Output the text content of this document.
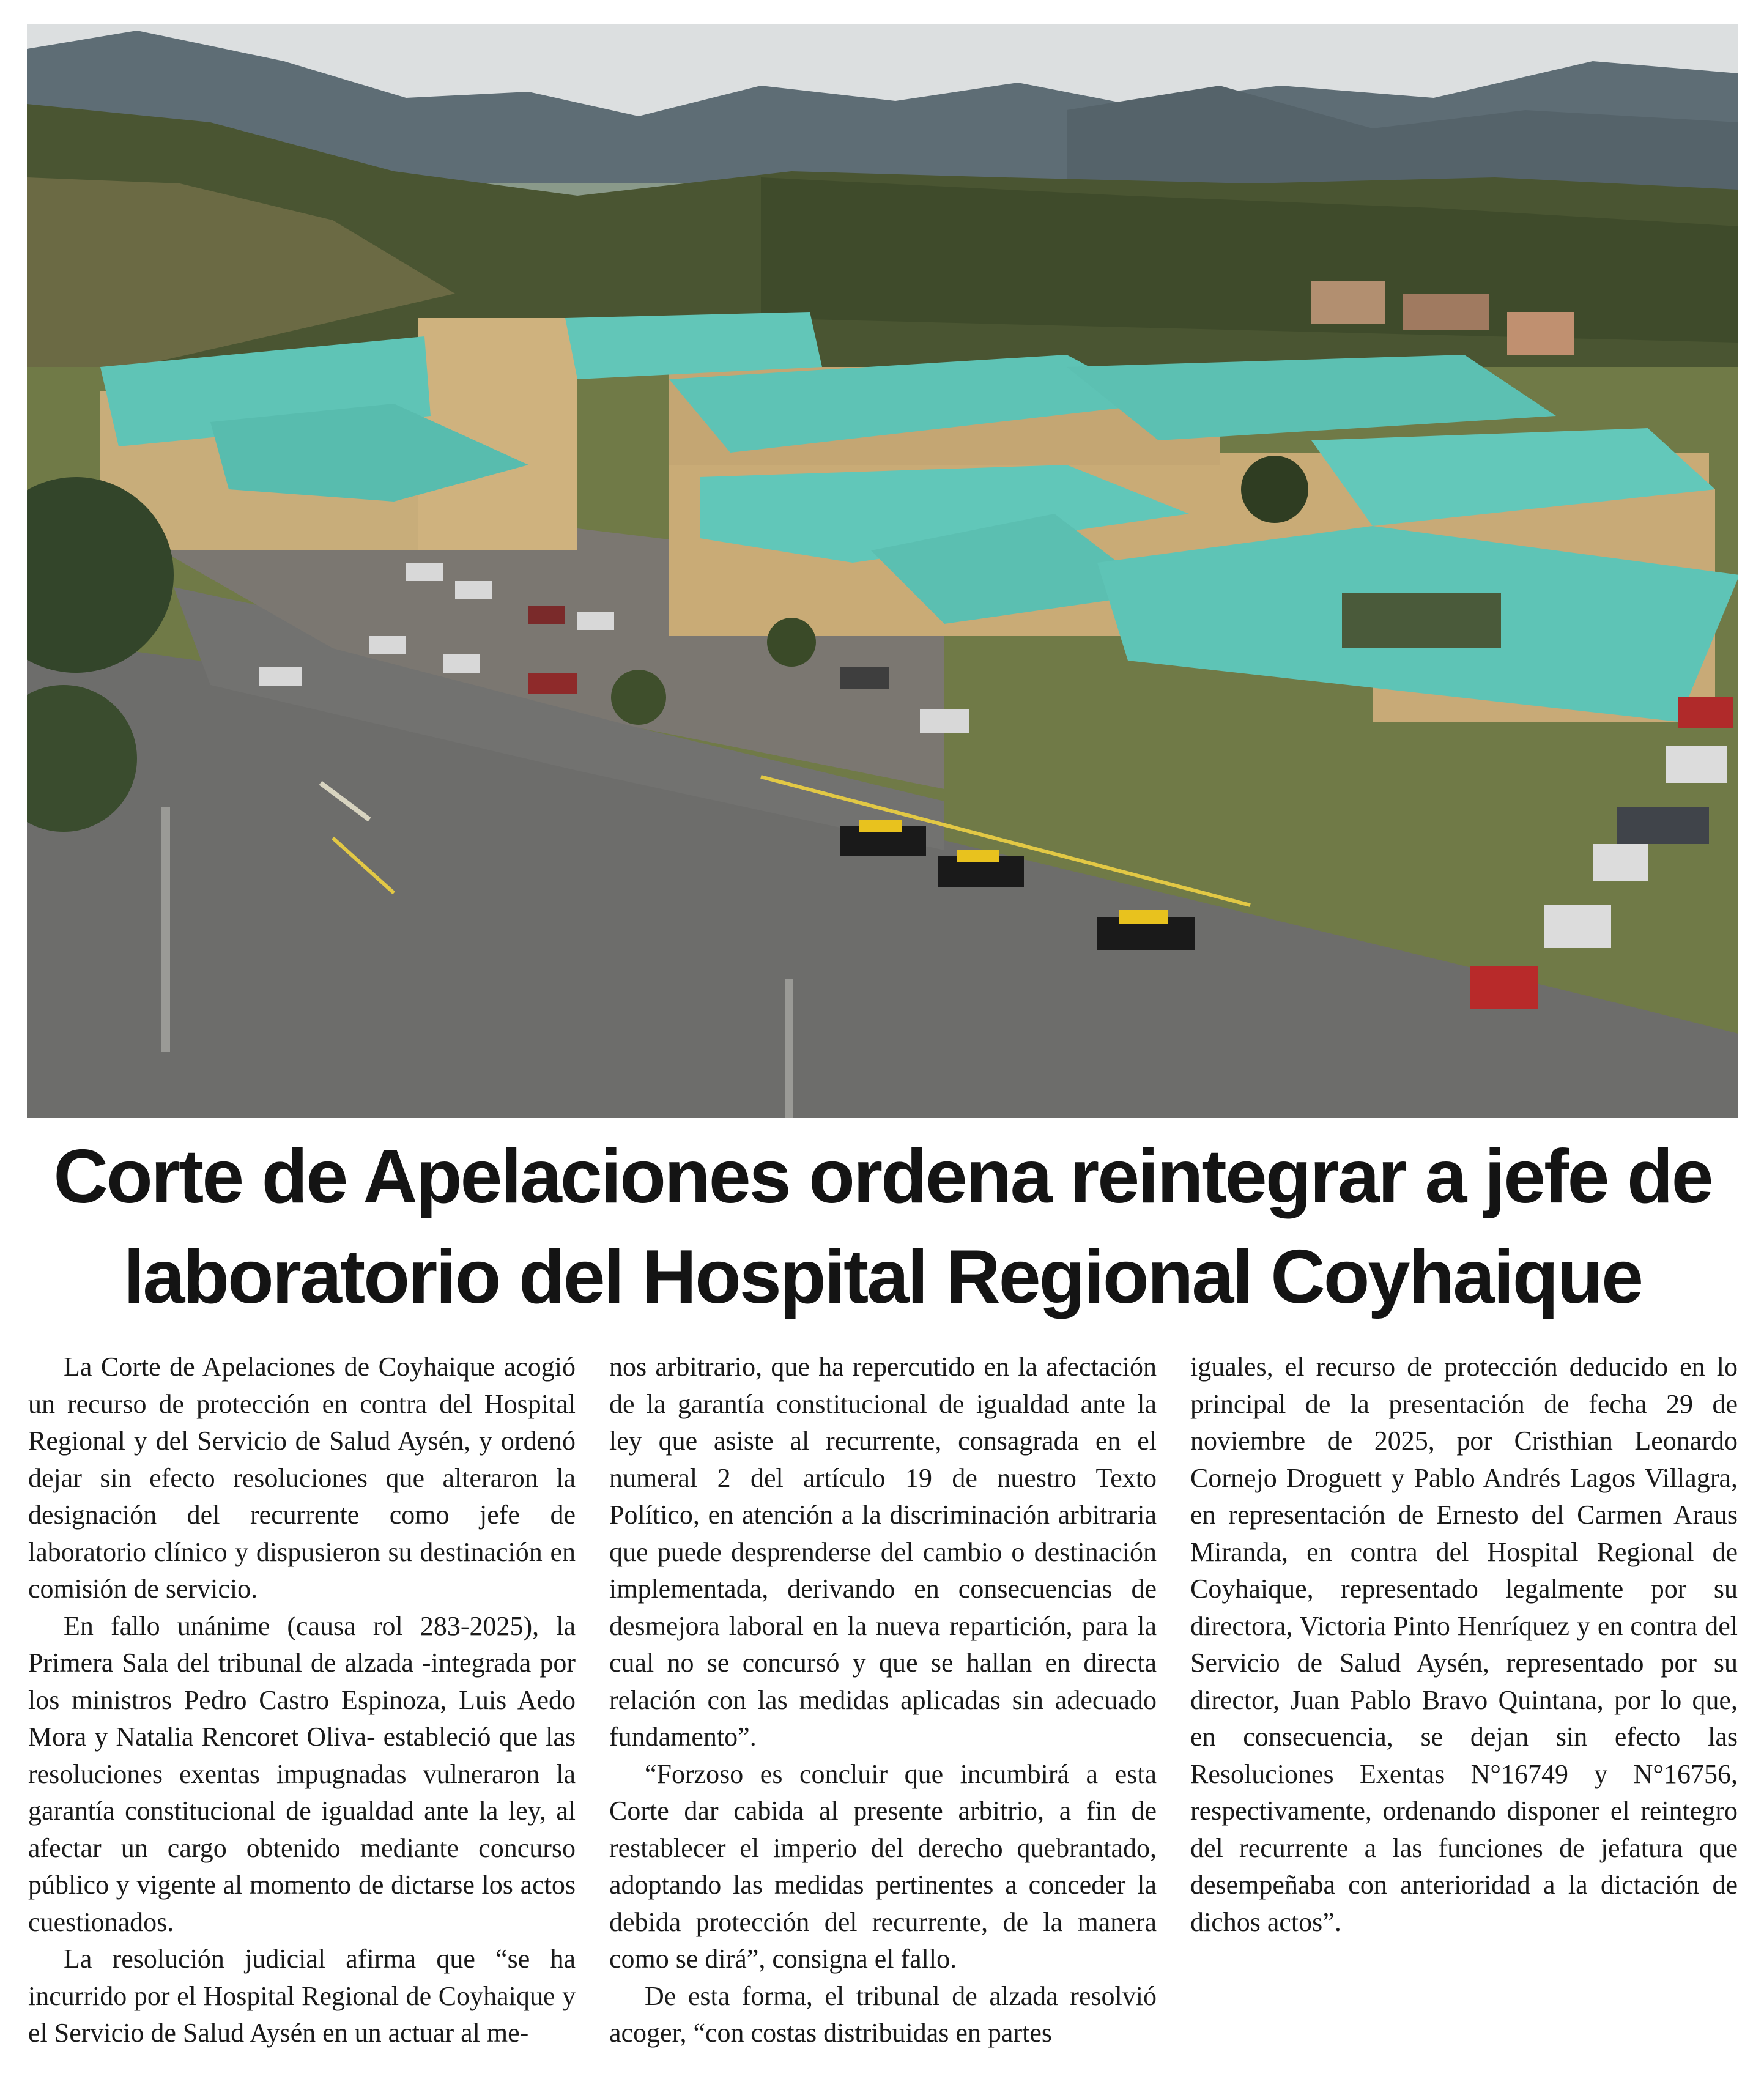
Corte de Apelaciones ordena reintegrar a jefe de laboratorio del Hospital Regional Coyhaique

La Corte de Apelaciones de Coyhaique acogió un recurso de protección en contra del Hospital Regional y del Servicio de Salud Aysén, y ordenó dejar sin efecto resoluciones que alteraron la designación del recurrente como jefe de laboratorio clínico y dispusieron su destinación en comisión de servicio.

En fallo unánime (causa rol 283-2025), la Primera Sala del tribunal de alzada -integrada por los ministros Pedro Castro Espinoza, Luis Aedo Mora y Natalia Rencoret Oliva- estableció que las resoluciones exentas impugnadas vulneraron la garantía constitucional de igualdad ante la ley, al afectar un cargo obtenido mediante concurso público y vigente al momento de dictarse los actos cuestionados.

La resolución judicial afirma que “se ha incurrido por el Hospital Regional de Coyhaique y el Servicio de Salud Aysén en un actuar al me-

nos arbitrario, que ha repercutido en la afectación de la garantía constitucional de igualdad ante la ley que asiste al recurrente, consagrada en el numeral 2 del artículo 19 de nuestro Texto Político, en atención a la discriminación arbitraria que puede desprenderse del cambio o destinación implementada, derivando en consecuencias de desmejora laboral en la nueva repartición, para la cual no se concursó y que se hallan en directa relación con las medidas aplicadas sin adecuado fundamento”.

“Forzoso es concluir que incumbirá a esta Corte dar cabida al presente arbitrio, a fin de restablecer el imperio del derecho quebrantado, adoptando las medidas pertinentes a conceder la debida protección del recurrente, de la manera como se dirá”, consigna el fallo.

De esta forma, el tribunal de alzada resolvió acoger, “con costas distribuidas en partes

iguales, el recurso de protección deducido en lo principal de la presentación de fecha 29 de noviembre de 2025, por Cristhian Leonardo Cornejo Droguett y Pablo Andrés Lagos Villagra, en representación de Ernesto del Carmen Araus Miranda, en contra del Hospital Regional de Coyhaique, representado legalmente por su directora, Victoria Pinto Henríquez y en contra del Servicio de Salud Aysén, representado por su director, Juan Pablo Bravo Quintana, por lo que, en consecuencia, se dejan sin efecto las Resoluciones Exentas N°16749 y N°16756, respectivamente, ordenando disponer el reintegro del recurrente a las funciones de jefatura que desempeñaba con anterioridad a la dictación de dichos actos”.
